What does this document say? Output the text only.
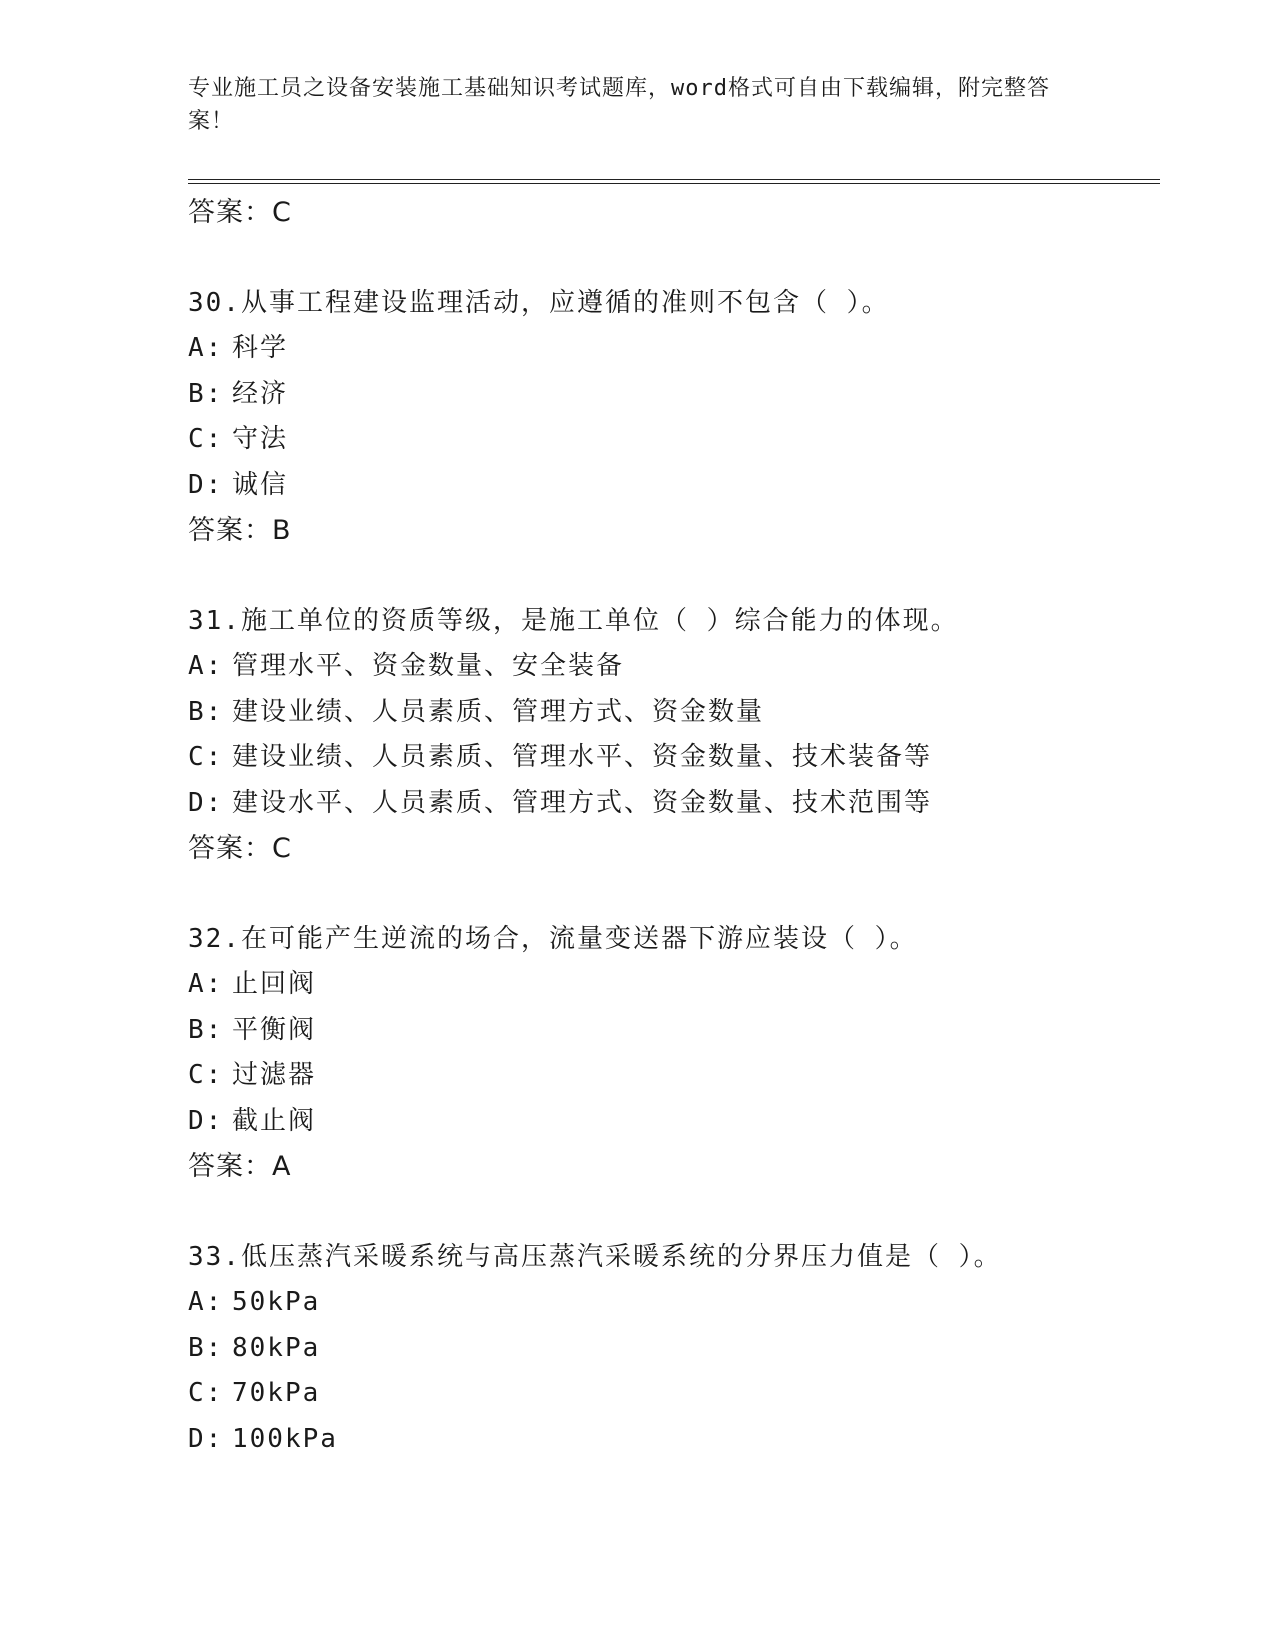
专业施工员之设备安装施工基础知识考试题库，word格式可自由下载编辑，附完整答案！
答案：C
30.从事工程建设监理活动，应遵循的准则不包含（ ）。
A: 科学
B: 经济
C: 守法
D: 诚信
答案：B
31.施工单位的资质等级，是施工单位（ ）综合能力的体现。
A: 管理水平、资金数量、安全装备
B: 建设业绩、人员素质、管理方式、资金数量
C: 建设业绩、人员素质、管理水平、资金数量、技术装备等
D: 建设水平、人员素质、管理方式、资金数量、技术范围等
答案：C
32.在可能产生逆流的场合，流量变送器下游应装设（ ）。
A: 止回阀
B: 平衡阀
C: 过滤器
D: 截止阀
答案：A
33.低压蒸汽采暖系统与高压蒸汽采暖系统的分界压力值是（ ）。
A: 50kPa
B: 80kPa
C: 70kPa
D: 100kPa
